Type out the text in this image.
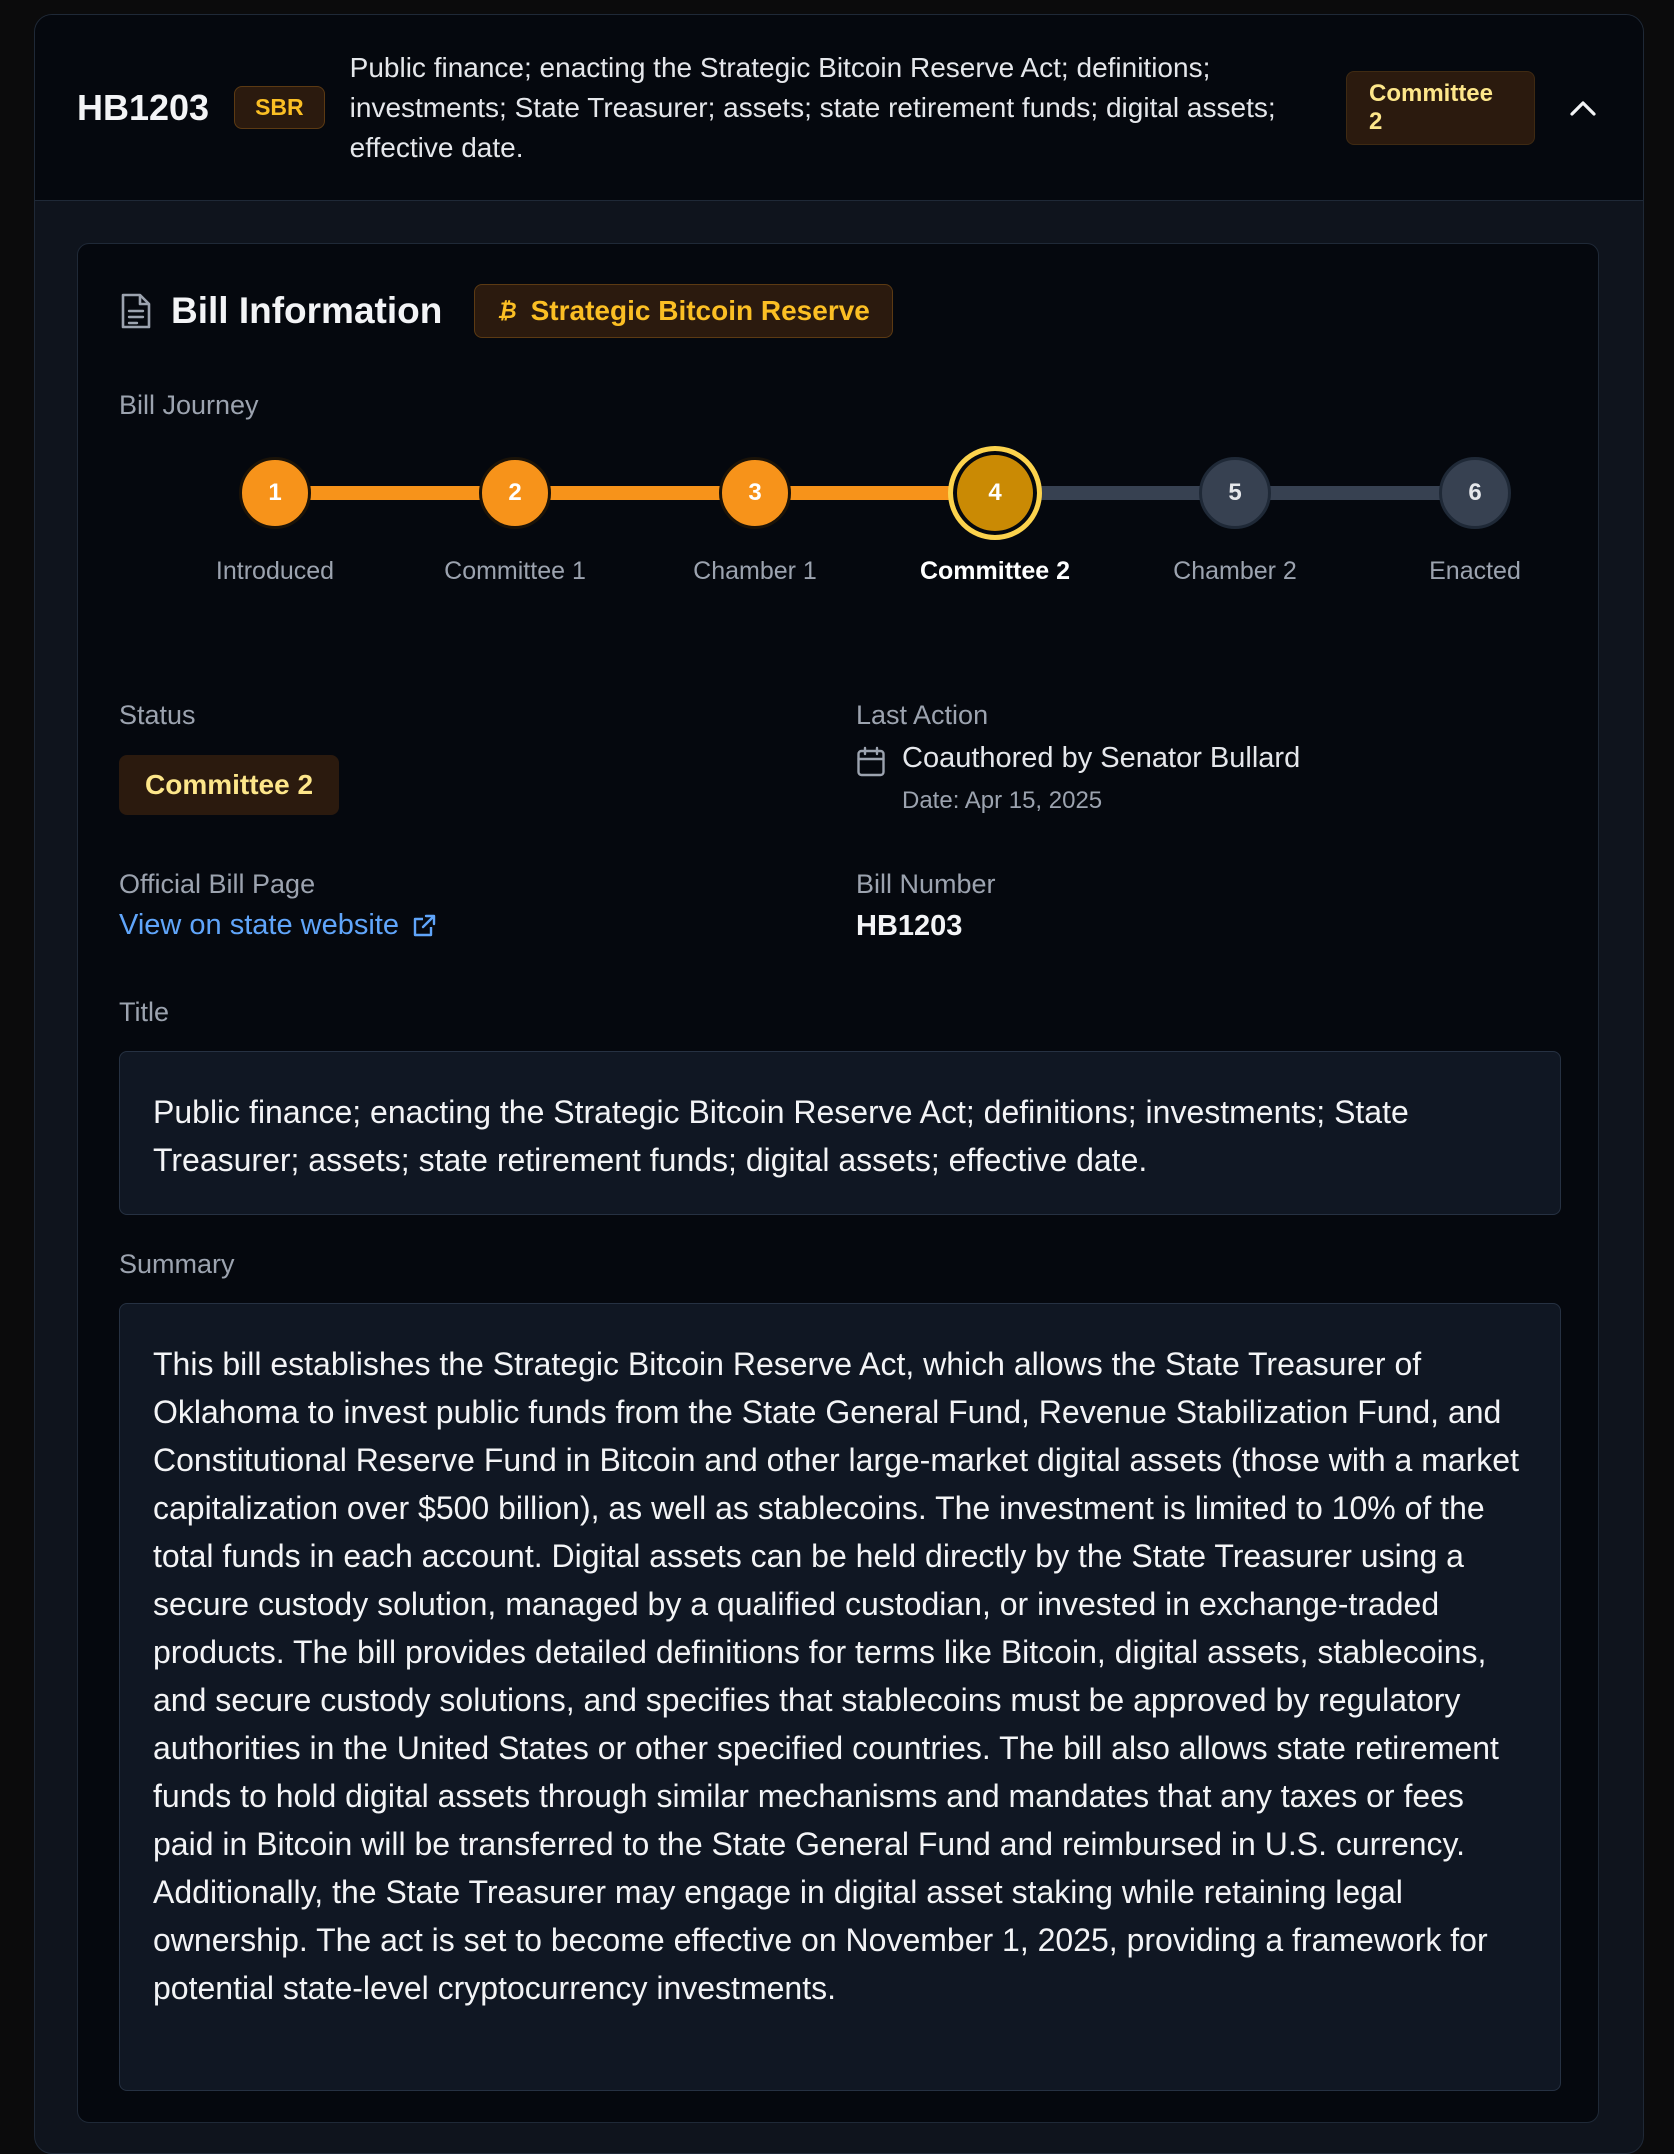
HB1203	SBR
Public finance; enacting the Strategic Bitcoin Reserve Act; definitions; investments; State Treasurer; assets; state retirement funds; digital assets; effective date.
Committee 2
Bill Information	₿ Strategic Bitcoin Reserve
Bill Journey
1	2	3	4	5	6
Introduced	Committee 1	Chamber 1	Committee 2	Chamber 2	Enacted
Status
Committee 2
Last Action
Coauthored by Senator Bullard
Date: Apr 15, 2025
Official Bill Page
View on state website
Bill Number
HB1203
Title
Public finance; enacting the Strategic Bitcoin Reserve Act; definitions; investments; State Treasurer; assets; state retirement funds; digital assets; effective date.
Summary
This bill establishes the Strategic Bitcoin Reserve Act, which allows the State Treasurer of Oklahoma to invest public funds from the State General Fund, Revenue Stabilization Fund, and Constitutional Reserve Fund in Bitcoin and other large-market digital assets (those with a market capitalization over $500 billion), as well as stablecoins. The investment is limited to 10% of the total funds in each account. Digital assets can be held directly by the State Treasurer using a secure custody solution, managed by a qualified custodian, or invested in exchange-traded products. The bill provides detailed definitions for terms like Bitcoin, digital assets, stablecoins, and secure custody solutions, and specifies that stablecoins must be approved by regulatory authorities in the United States or other specified countries. The bill also allows state retirement funds to hold digital assets through similar mechanisms and mandates that any taxes or fees paid in Bitcoin will be transferred to the State General Fund and reimbursed in U.S. currency. Additionally, the State Treasurer may engage in digital asset staking while retaining legal ownership. The act is set to become effective on November 1, 2025, providing a framework for potential state-level cryptocurrency investments.
